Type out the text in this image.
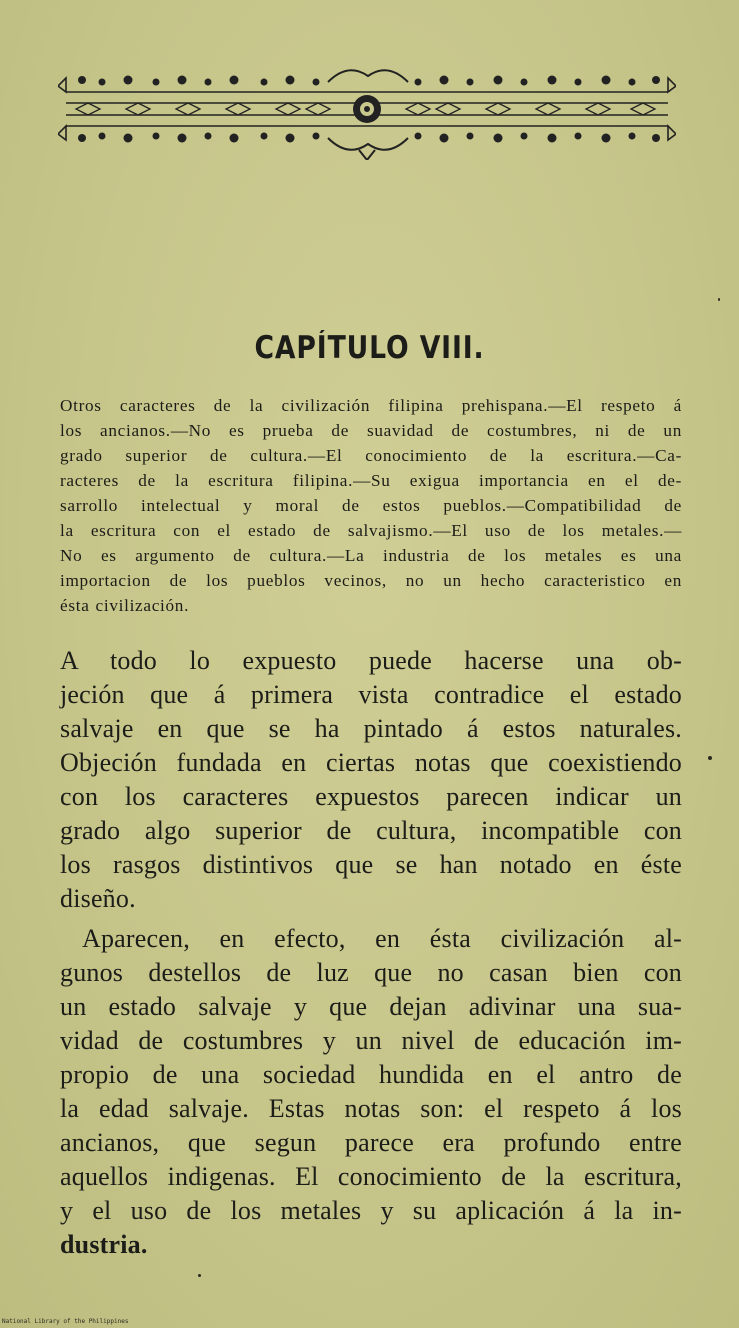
CAPÍTULO VIII.
Otros caracteres de la civilización filipina prehispana.—El respeto á
los ancianos.—No es prueba de suavidad de costumbres, ni de un
grado superior de cultura.—El conocimiento de la escritura.—Ca-
racteres de la escritura filipina.—Su exigua importancia en el de-
sarrollo intelectual y moral de estos pueblos.—Compatibilidad de
la escritura con el estado de salvajismo.—El uso de los metales.—
No es argumento de cultura.—La industria de los metales es una
importacion de los pueblos vecinos, no un hecho caracteristico en
ésta civilización.
A todo lo expuesto puede hacerse una ob-
jeción que á primera vista contradice el estado
salvaje en que se ha pintado á estos naturales.
Objeción fundada en ciertas notas que coexistiendo
con los caracteres expuestos parecen indicar un
grado algo superior de cultura, incompatible con
los rasgos distintivos que se han notado en éste
diseño.
Aparecen, en efecto, en ésta civilización al-
gunos destellos de luz que no casan bien con
un estado salvaje y que dejan adivinar una sua-
vidad de costumbres y un nivel de educación im-
propio de una sociedad hundida en el antro de
la edad salvaje. Estas notas son: el respeto á los
ancianos, que segun parece era profundo entre
aquellos indigenas. El conocimiento de la escritura,
y el uso de los metales y su aplicación á la in-
dustria.
National Library of the Philippines
